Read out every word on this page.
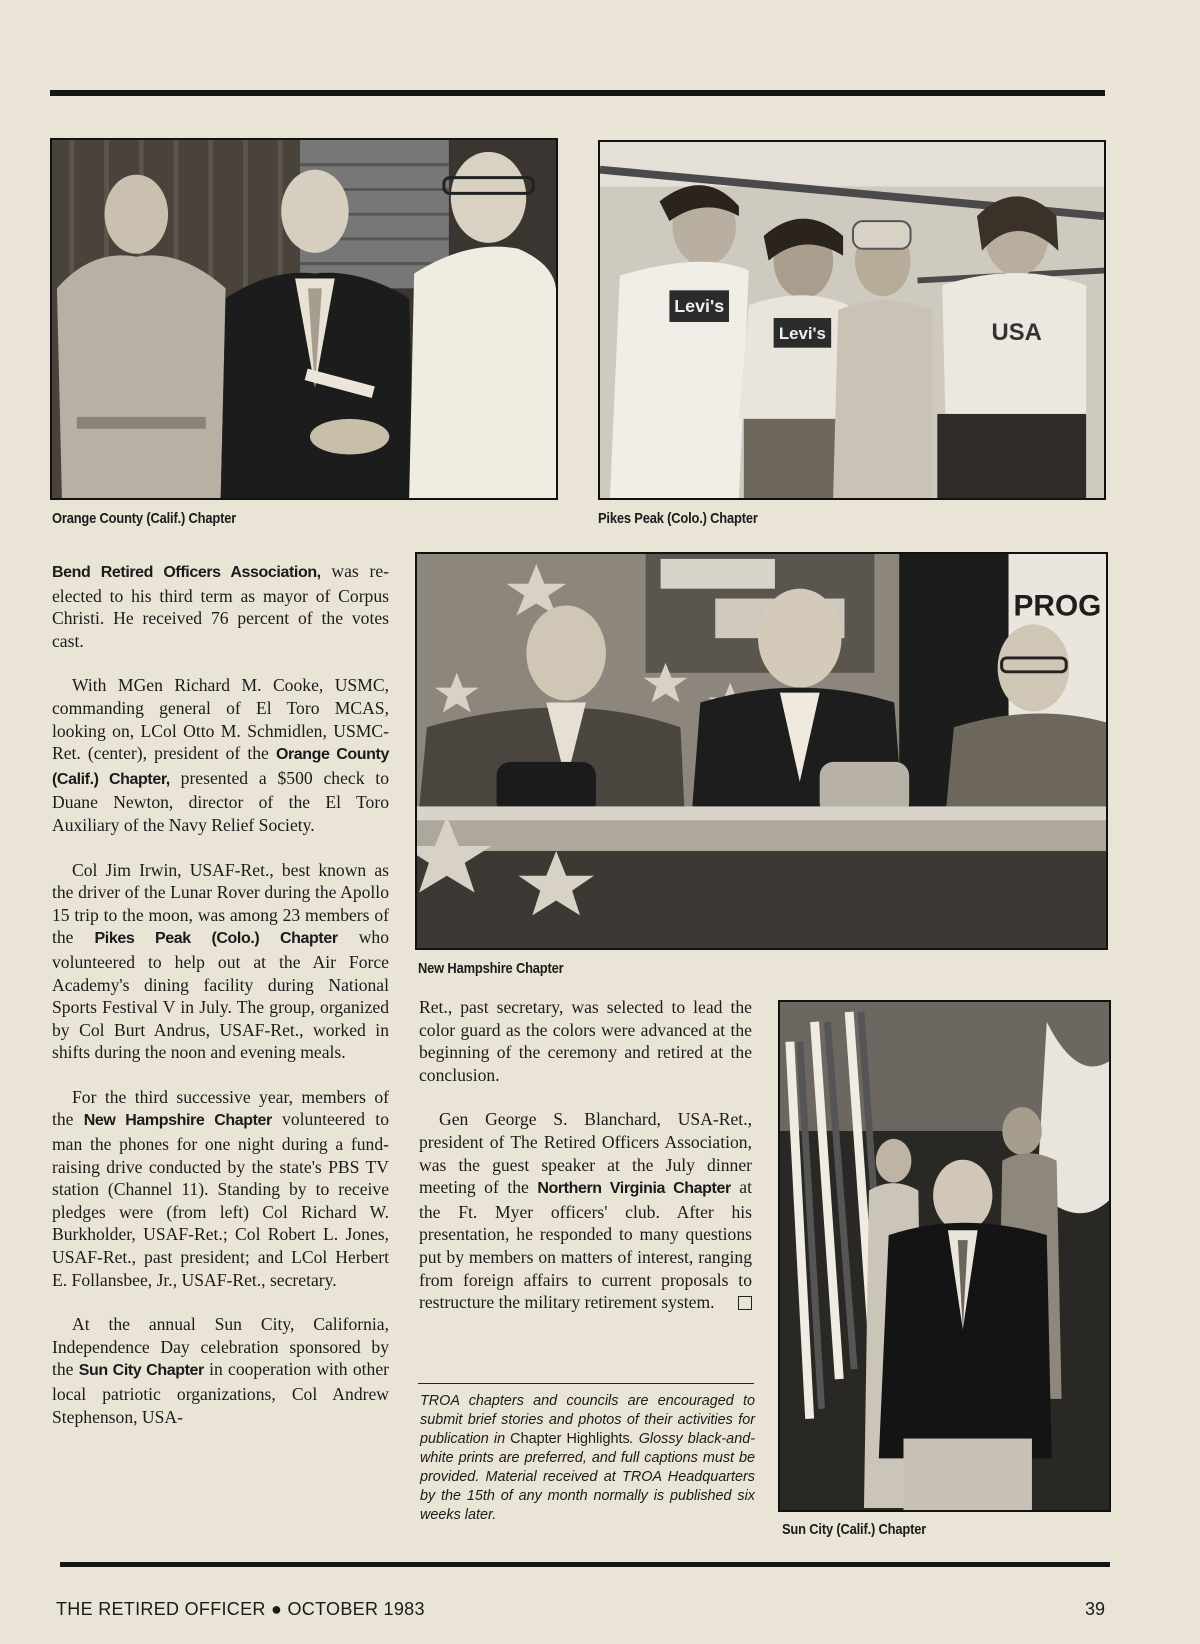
Orange County (Calif.) Chapter
Levi's
Levi's	USA
Pikes Peak (Colo.) Chapter
PROG
New Hampshire Chapter
Sun City (Calif.) Chapter

Bend Retired Officers Association, was re-elected to his third term as mayor of Corpus Christi. He received 76 percent of the votes cast.

With MGen Richard M. Cooke, USMC, commanding general of El Toro MCAS, looking on, LCol Otto M. Schmidlen, USMC-Ret. (center), president of the Orange County (Calif.) Chapter, presented a $500 check to Duane Newton, director of the El Toro Auxiliary of the Navy Relief Society.

Col Jim Irwin, USAF-Ret., best known as the driver of the Lunar Rover during the Apollo 15 trip to the moon, was among 23 members of the Pikes Peak (Colo.) Chapter who volunteered to help out at the Air Force Academy's dining facility during National Sports Festival V in July. The group, organized by Col Burt Andrus, USAF-Ret., worked in shifts during the noon and evening meals.

For the third successive year, members of the New Hampshire Chapter volunteered to man the phones for one night during a fund-raising drive conducted by the state's PBS TV station (Channel 11). Standing by to receive pledges were (from left) Col Richard W. Burkholder, USAF-Ret.; Col Robert L. Jones, USAF-Ret., past president; and LCol Herbert E. Follansbee, Jr., USAF-Ret., secretary.

At the annual Sun City, California, Independence Day celebration sponsored by the Sun City Chapter in cooperation with other local patriotic organizations, Col Andrew Stephenson, USA-

Ret., past secretary, was selected to lead the color guard as the colors were advanced at the beginning of the ceremony and retired at the conclusion.

Gen George S. Blanchard, USA-Ret., president of The Retired Officers Association, was the guest speaker at the July dinner meeting of the Northern Virginia Chapter at the Ft. Myer officers' club. After his presentation, he responded to many questions put by members on matters of interest, ranging from foreign affairs to current proposals to restructure the military retirement system.

TROA chapters and councils are encouraged to submit brief stories and photos of their activities for publication in Chapter Highlights. Glossy black-and-white prints are preferred, and full captions must be provided. Material received at TROA Headquarters by the 15th of any month normally is published six weeks later.
THE RETIRED OFFICER ● OCTOBER 1983	39
